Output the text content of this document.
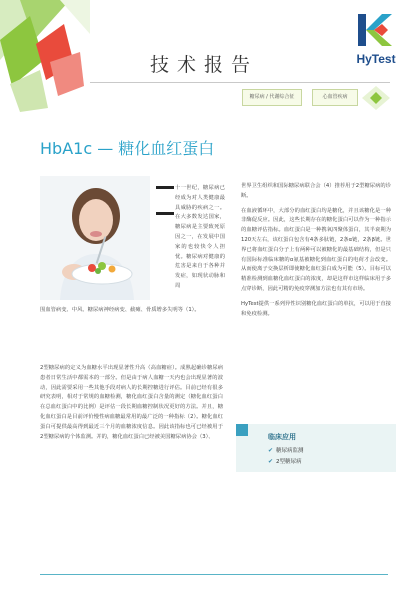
技术报告	HyTest
糖尿病 / 代谢综合征	心血管疾病
HbA1c — 糖化血红蛋白
十一世纪，糖尿病已经成为对人类健康最具威胁的疾病之一。在大多数发达国家，糖尿病是主要致死原因之一，在发展中国家的也较快令人担忧。糖尿病对健康的危害是来自于各种并发症，如现状动脉和周
围血管病变、中风、糖尿病神经病变、截瘫、骨质增多失明等（1）。
2型糖尿病的定义为血糖水平出现显著性升高（高血糖症）。成熟起确诊糖尿病患者日常生活中都需本的一部分。但是由于病人血糖一天内也会出现显著的波动，因此需要采用一些其他手段对病人的长期控糖进行评估。目前已经有很多研究表明，相对于常规的血糖检测，糖化血红蛋白含量的测定（糖化血红蛋白在总血红蛋白中的比例）是评估一段长期血糖控制状况更好的方法。并且，糖化血红蛋白是目前评价慢性病血糖最常用的最广泛的一种指标（2）。糖化血红蛋白可提供最高得到最近三个月的血糖浓度信息。因此该指标也可已经被用于2型糖尿病的个体监测。并的，糖化血红蛋白已经被美国糖尿病协会（3）、
世界卫生组织和国际糖尿病联合会（4）推荐用于2型糖尿病的诊断。
在血液循环中，大部分的血红蛋白均是糖化，并且该糖化是一种非酶促反应。因此，这些长期存在的糖化蛋白可以作为一种指示的血糖评估指标。血红蛋白是一种携氧四聚体蛋白，其半衰期为120天左右，该红蛋白包含有4条多肽链，2条α链，2条β链。世界已将血红蛋白分子上有两种可以被糖化的最基础结构，但是只有国际标准临床糖的α氨基被糖化到血红蛋白的电荷才会改变。从而使离子交换层析即使糖化血红蛋白成为可能（5）。目标可以精准检测到血糖化血红蛋白的浓度，却是这样市这样临床用于多点穿诊断，因此可精的免疫穿测加方法也有其有市场。
HyTest提供一系列异性识别糖化血红蛋白的单抗，可以用于直接和免疫检测。
临床应用
✔ 糖尿病监测
✔ 2型糖尿病
